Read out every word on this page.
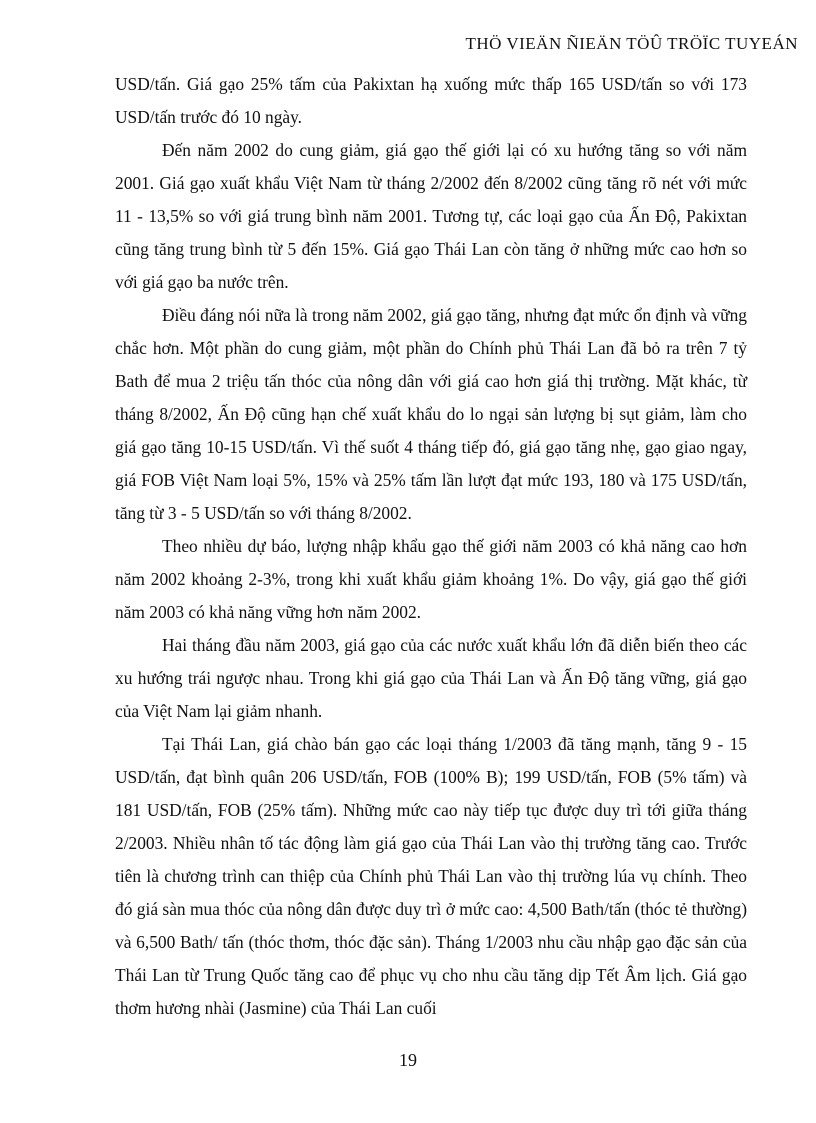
THÖ VIEÄN ÑIEÄN TÖÛ TRÖÏC TUYEÁN

USD/tấn. Giá gạo 25% tấm của Pakixtan hạ xuống mức thấp 165 USD/tấn so với 173 USD/tấn trước đó 10 ngày.

Đến năm 2002 do cung giảm, giá gạo thế giới lại có xu hướng tăng so với năm 2001. Giá gạo xuất khẩu Việt Nam từ tháng 2/2002 đến 8/2002 cũng tăng rõ nét với mức 11 - 13,5% so với giá trung bình năm 2001. Tương tự, các loại gạo của Ấn Độ, Pakixtan cũng tăng trung bình từ 5 đến 15%. Giá gạo Thái Lan còn tăng ở những mức cao hơn so với giá gạo ba nước trên.

Điều đáng nói nữa là trong năm 2002, giá gạo tăng, nhưng đạt mức ổn định và vững chắc hơn. Một phần do cung giảm, một phần do Chính phủ Thái Lan đã bỏ ra trên 7 tỷ Bath để mua 2 triệu tấn thóc của nông dân với giá cao hơn giá thị trường. Mặt khác, từ tháng 8/2002, Ấn Độ cũng hạn chế xuất khẩu do lo ngại sản lượng bị sụt giảm, làm cho giá gạo tăng 10-15 USD/tấn. Vì thế suốt 4 tháng tiếp đó, giá gạo tăng nhẹ, gạo giao ngay, giá FOB Việt Nam loại 5%, 15% và 25% tấm lần lượt đạt mức 193, 180 và 175 USD/tấn, tăng từ 3 - 5 USD/tấn so với tháng 8/2002.

Theo nhiều dự báo, lượng nhập khẩu gạo thế giới năm 2003 có khả năng cao hơn năm 2002 khoảng 2-3%, trong khi xuất khẩu giảm khoảng 1%. Do vậy, giá gạo thế giới năm 2003 có khả năng vững hơn năm 2002.

Hai tháng đầu năm 2003, giá gạo của các nước xuất khẩu lớn đã diễn biến theo các xu hướng trái ngược nhau. Trong khi giá gạo của Thái Lan và Ấn Độ tăng vững, giá gạo của Việt Nam lại giảm nhanh.

Tại Thái Lan, giá chào bán gạo các loại tháng 1/2003 đã tăng mạnh, tăng 9 - 15 USD/tấn, đạt bình quân 206 USD/tấn, FOB (100% B); 199 USD/tấn, FOB (5% tấm) và 181 USD/tấn, FOB (25% tấm). Những mức cao này tiếp tục được duy trì tới giữa tháng 2/2003. Nhiều nhân tố tác động làm giá gạo của Thái Lan vào thị trường tăng cao. Trước tiên là chương trình can thiệp của Chính phủ Thái Lan vào thị trường lúa vụ chính. Theo đó giá sàn mua thóc của nông dân được duy trì ở mức cao: 4,500 Bath/tấn (thóc tẻ thường) và 6,500 Bath/ tấn (thóc thơm, thóc đặc sản). Tháng 1/2003 nhu cầu nhập gạo đặc sản của Thái Lan từ Trung Quốc tăng cao để phục vụ cho nhu cầu tăng dịp Tết Âm lịch. Giá gạo thơm hương nhài (Jasmine) của Thái Lan cuối

19
